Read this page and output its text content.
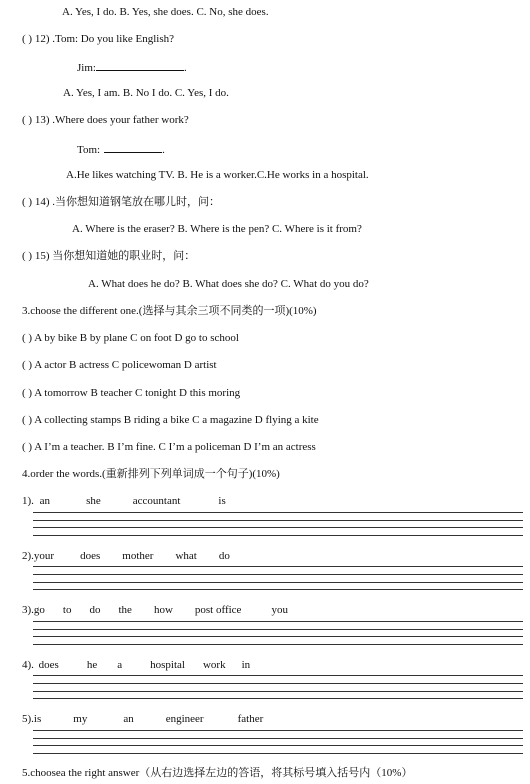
A. Yes, I do. B. Yes, she does. C. No, she does.
( ) 12) .Tom: Do you like English?
Jim:	.
A. Yes, I am. B. No I do. C. Yes, I do.
( ) 13) .Where does your father work?
Tom:	.
A.He likes watching TV. B. He is a worker.C.He works in a hospital.
( ) 14) .当你想知道钢笔放在哪儿时，问：
A. Where is the eraser? B. Where is the pen? C. Where is it from?
( ) 15) 当你想知道她的职业时，问：
A. What does he do? B. What does she do? C. What do you do?
3.choose the different one.(选择与其余三项不同类的一项)(10%)
( ) A by bike B by plane C on foot D go to school
( ) A actor B actress C policewoman D artist
( ) A tomorrow B teacher C tonight D this moring
( ) A collecting stamps B riding a bike C a magazine D flying a kite
( ) A I’m a teacher. B I’m fine. C I’m a policeman D I’m an actress
4.order the words.(重新排列下列单词成一个句子)(10%)
1). an	she	accountant	is
2).your does mother what do
3).go to do the how post office	you
4). does	he a	hospital work in
5).is	my	an	engineer	father
5.choosea the right answer（从右边选择左边的答语，将其标号填入括号内（10%）
